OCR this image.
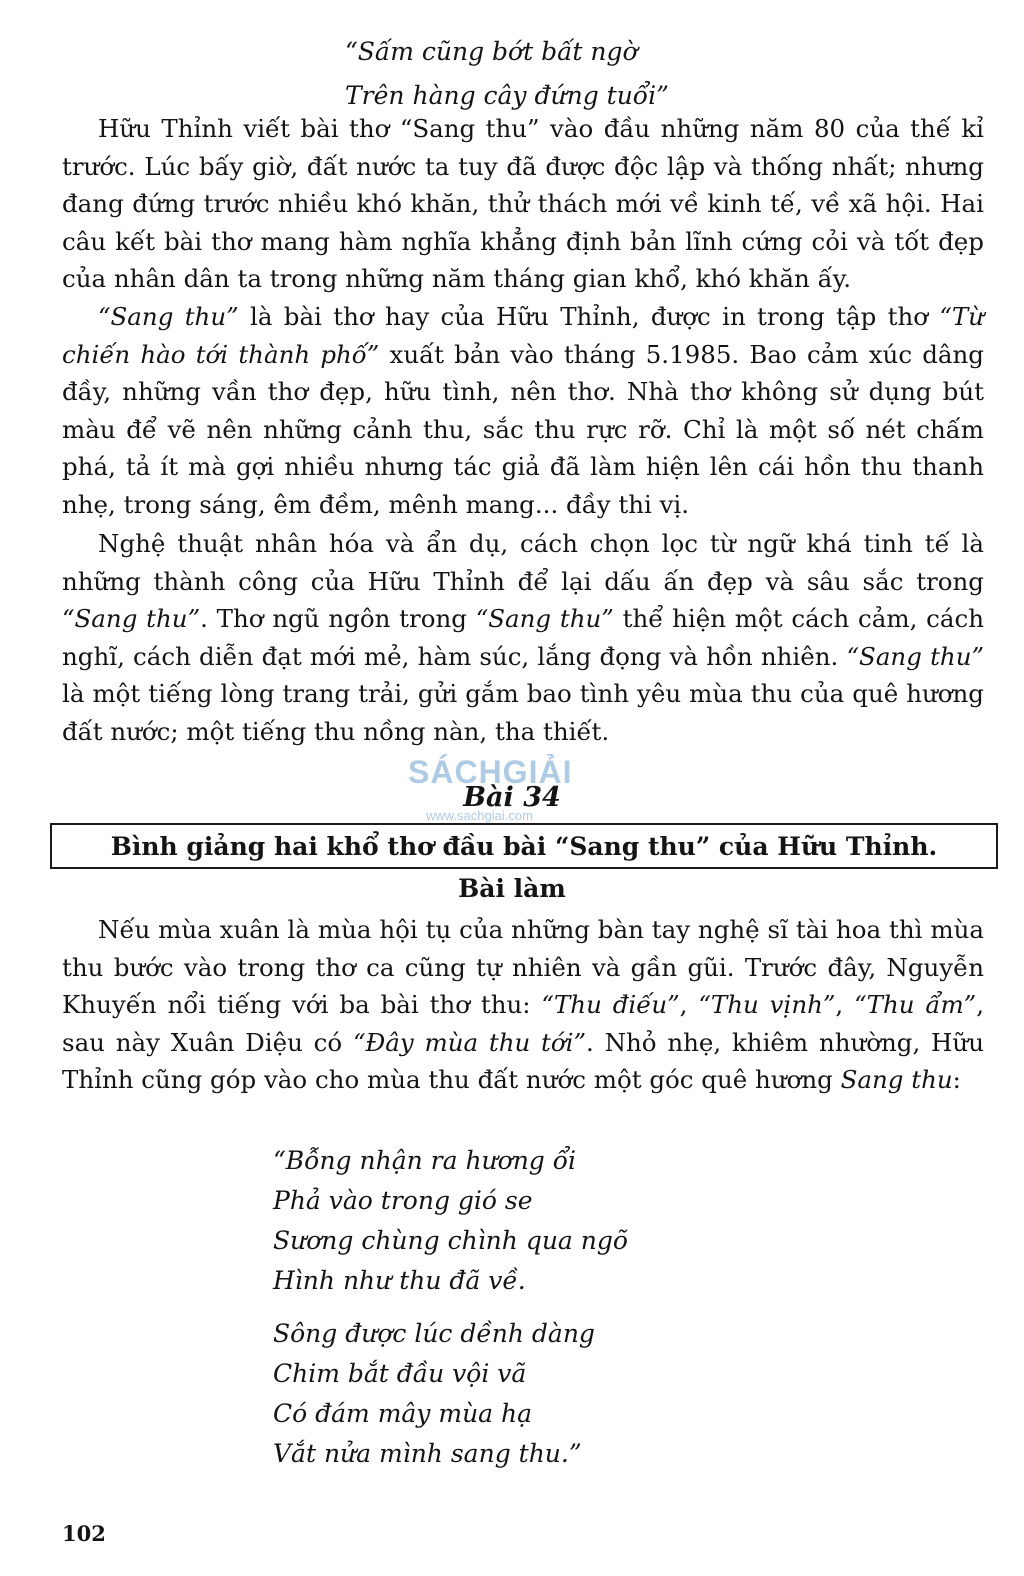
“Sấm cũng bớt bất ngờ
Trên hàng cây đứng tuổi”

Hữu Thỉnh viết bài thơ “Sang thu” vào đầu những năm 80 của thế kỉ trước. Lúc bấy giờ, đất nước ta tuy đã được độc lập và thống nhất; nhưng đang đứng trước nhiều khó khăn, thử thách mới về kinh tế, về xã hội. Hai câu kết bài thơ mang hàm nghĩa khẳng định bản lĩnh cứng cỏi và tốt đẹp của nhân dân ta trong những năm tháng gian khổ, khó khăn ấy.

“Sang thu” là bài thơ hay của Hữu Thỉnh, được in trong tập thơ “Từ chiến hào tới thành phố” xuất bản vào tháng 5.1985. Bao cảm xúc dâng đầy, những vần thơ đẹp, hữu tình, nên thơ. Nhà thơ không sử dụng bút màu để vẽ nên những cảnh thu, sắc thu rực rỡ. Chỉ là một số nét chấm phá, tả ít mà gợi nhiều nhưng tác giả đã làm hiện lên cái hồn thu thanh nhẹ, trong sáng, êm đềm, mênh mang... đầy thi vị.

Nghệ thuật nhân hóa và ẩn dụ, cách chọn lọc từ ngữ khá tinh tế là những thành công của Hữu Thỉnh để lại dấu ấn đẹp và sâu sắc trong “Sang thu”. Thơ ngũ ngôn trong “Sang thu” thể hiện một cách cảm, cách nghĩ, cách diễn đạt mới mẻ, hàm súc, lắng đọng và hồn nhiên. “Sang thu” là một tiếng lòng trang trải, gửi gắm bao tình yêu mùa thu của quê hương đất nước; một tiếng thu nồng nàn, tha thiết.

SÁCHGIẢI
www.sachgiai.com
Bài 34
Bình giảng hai khổ thơ đầu bài “Sang thu” của Hữu Thỉnh.
Bài làm

Nếu mùa xuân là mùa hội tụ của những bàn tay nghệ sĩ tài hoa thì mùa thu bước vào trong thơ ca cũng tự nhiên và gần gũi. Trước đây, Nguyễn Khuyến nổi tiếng với ba bài thơ thu: “Thu điếu”, “Thu vịnh”, “Thu ẩm”, sau này Xuân Diệu có “Đây mùa thu tới”. Nhỏ nhẹ, khiêm nhường, Hữu Thỉnh cũng góp vào cho mùa thu đất nước một góc quê hương Sang thu:

“Bỗng nhận ra hương ổi
Phả vào trong gió se
Sương chùng chình qua ngõ
Hình như thu đã về.
Sông được lúc dềnh dàng
Chim bắt đầu vội vã
Có đám mây mùa hạ
Vắt nửa mình sang thu.”
102
